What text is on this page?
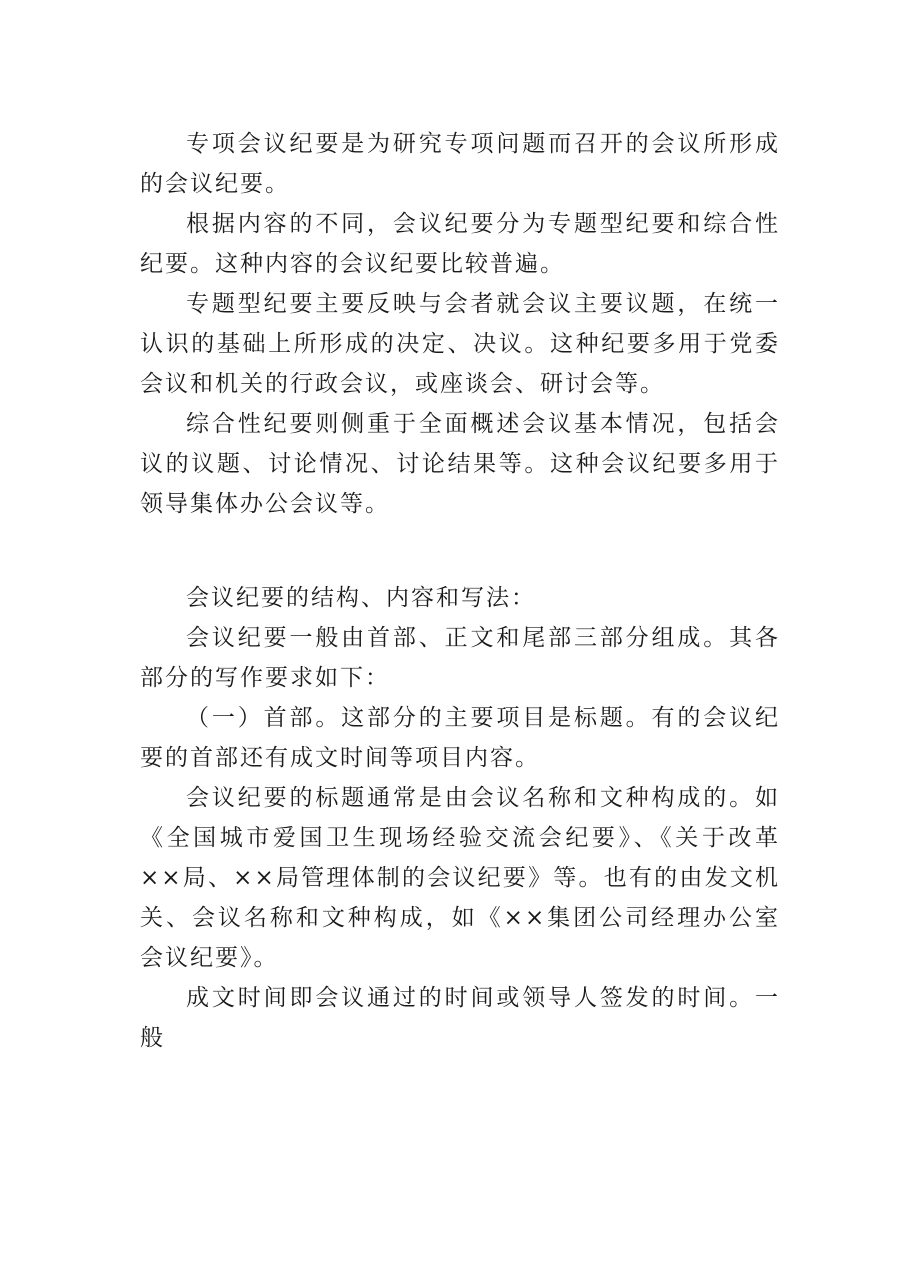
专项会议纪要是为研究专项问题而召开的会议所形成的会议纪要。

根据内容的不同，会议纪要分为专题型纪要和综合性纪要。这种内容的会议纪要比较普遍。

专题型纪要主要反映与会者就会议主要议题，在统一认识的基础上所形成的决定、决议。这种纪要多用于党委会议和机关的行政会议，或座谈会、研讨会等。

综合性纪要则侧重于全面概述会议基本情况，包括会议的议题、讨论情况、讨论结果等。这种会议纪要多用于领导集体办公会议等。

会议纪要的结构、内容和写法：

会议纪要一般由首部、正文和尾部三部分组成。其各部分的写作要求如下：

（一）首部。这部分的主要项目是标题。有的会议纪要的首部还有成文时间等项目内容。

会议纪要的标题通常是由会议名称和文种构成的。如《全国城市爱国卫生现场经验交流会纪要》、《关于改革××局、××局管理体制的会议纪要》等。也有的由发文机关、会议名称和文种构成，如《××集团公司经理办公室会议纪要》。

成文时间即会议通过的时间或领导人签发的时间。一般
